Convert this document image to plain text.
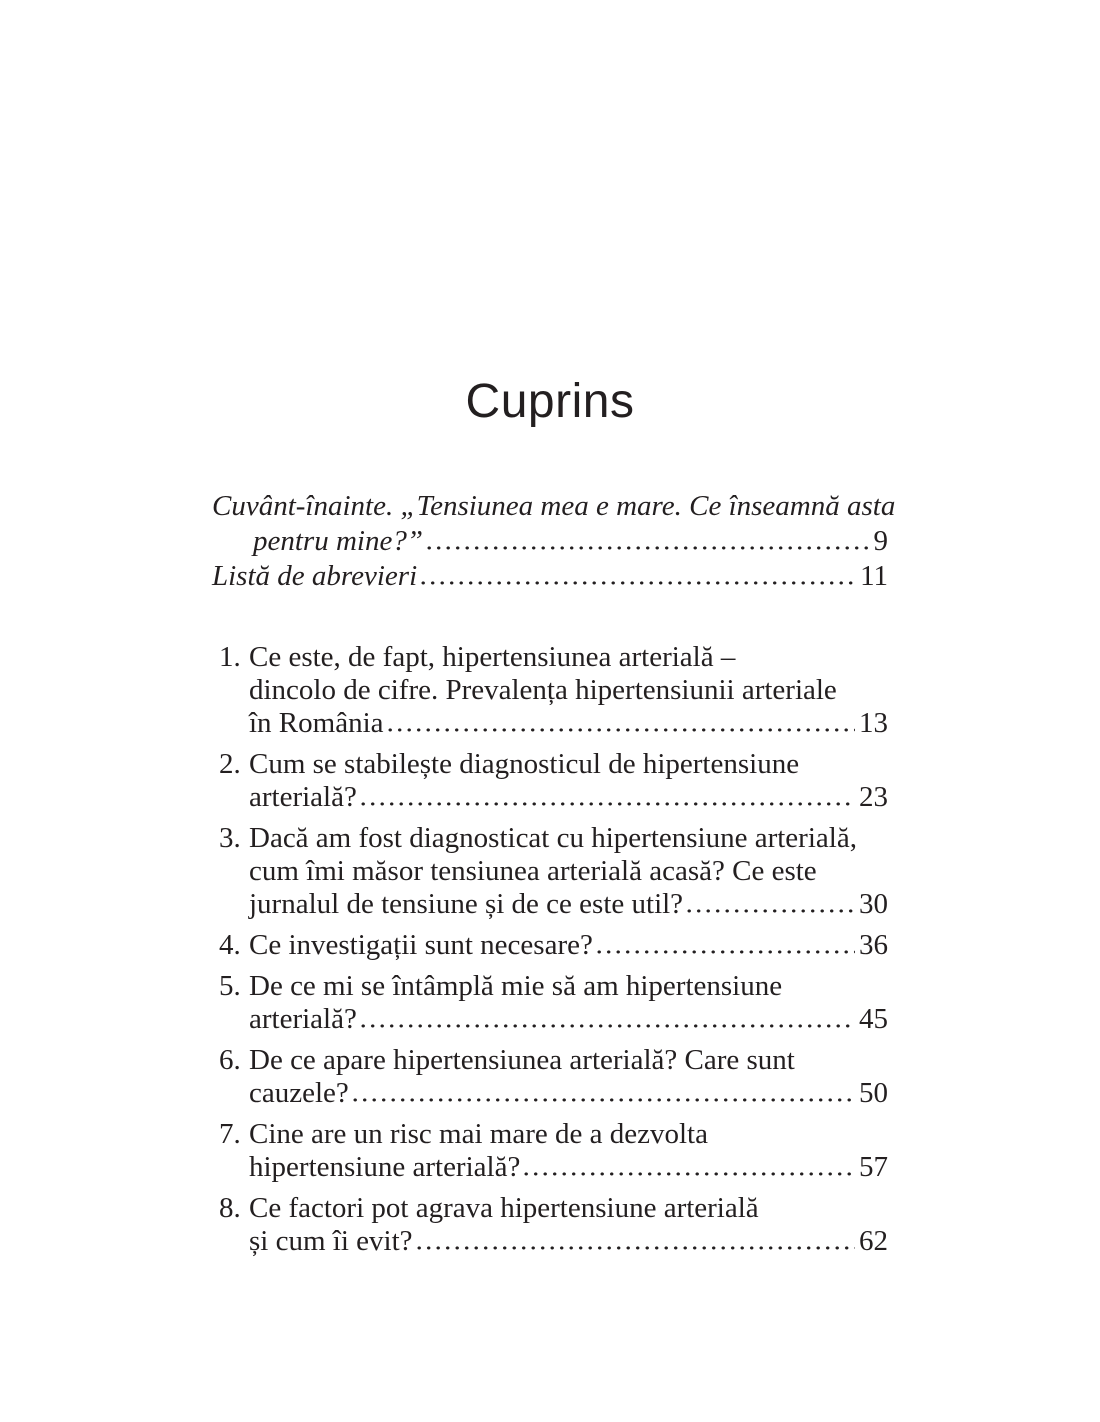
Cuprins
Cuvânt-înainte. „Tensiunea mea e mare. Ce înseamnă asta
pentru mine?”	9
Listă de abrevieri	11
1. Ce este, de fapt, hipertensiunea arterială –
dincolo de cifre. Prevalența hipertensiunii arteriale
în România	13
2. Cum se stabilește diagnosticul de hipertensiune
arterială?	23
3. Dacă am fost diagnosticat cu hipertensiune arterială,
cum îmi măsor tensiunea arterială acasă? Ce este
jurnalul de tensiune și de ce este util?	30
4. Ce investigații sunt necesare?	36
5. De ce mi se întâmplă mie să am hipertensiune
arterială?	45
6. De ce apare hipertensiunea arterială? Care sunt
cauzele?	50
7. Cine are un risc mai mare de a dezvolta
hipertensiune arterială?	57
8. Ce factori pot agrava hipertensiune arterială
și cum îi evit?	62
